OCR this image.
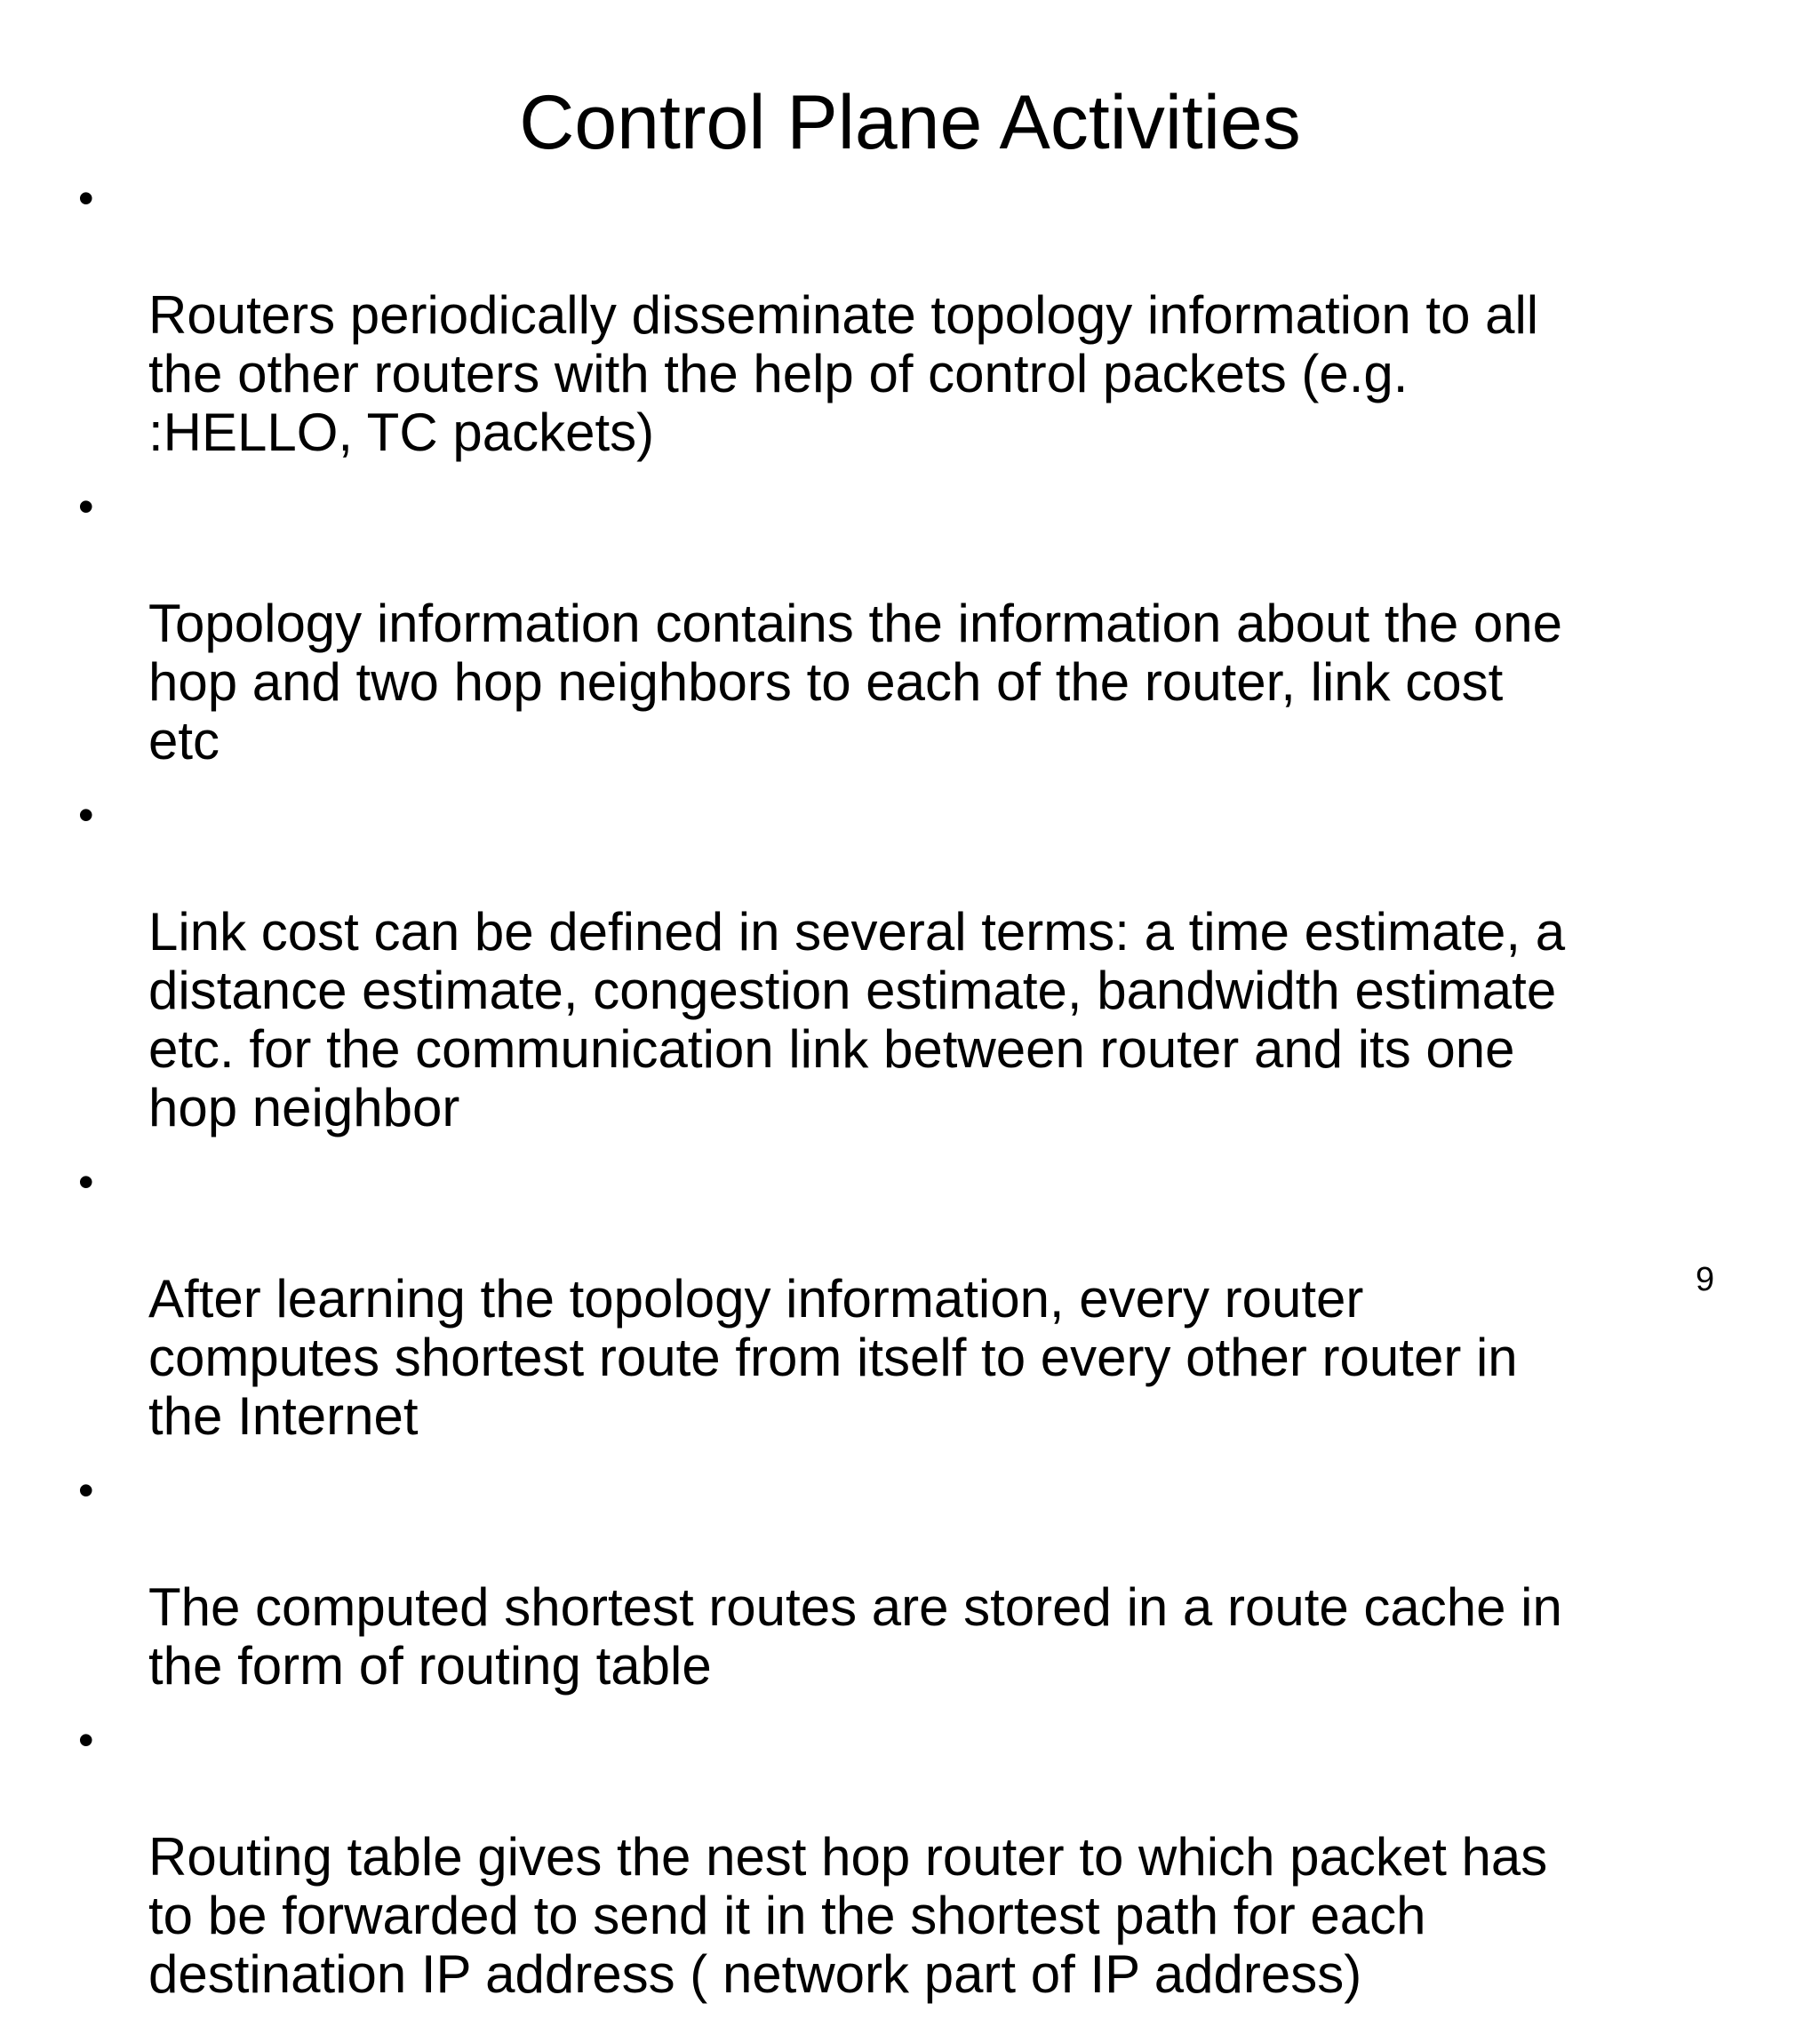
Control Plane Activities

•

Routers periodically disseminate topology information to all
the other routers with the help of control packets (e.g.
:HELLO, TC packets)

•

Topology information contains the information about the one
hop and two hop neighbors to each of the router, link cost
etc

•

Link cost can be defined in several terms: a time estimate, a
distance estimate, congestion estimate, bandwidth estimate
etc. for the communication link between router and its one
hop neighbor

•

After learning the topology information, every router
computes shortest route from itself to every other router in
the Internet

•

The computed shortest routes are stored in a route cache in
the form of routing table

•

Routing table gives the nest hop router to which packet has
to be forwarded to send it in the shortest path for each
destination IP address ( network part of IP address)

9
